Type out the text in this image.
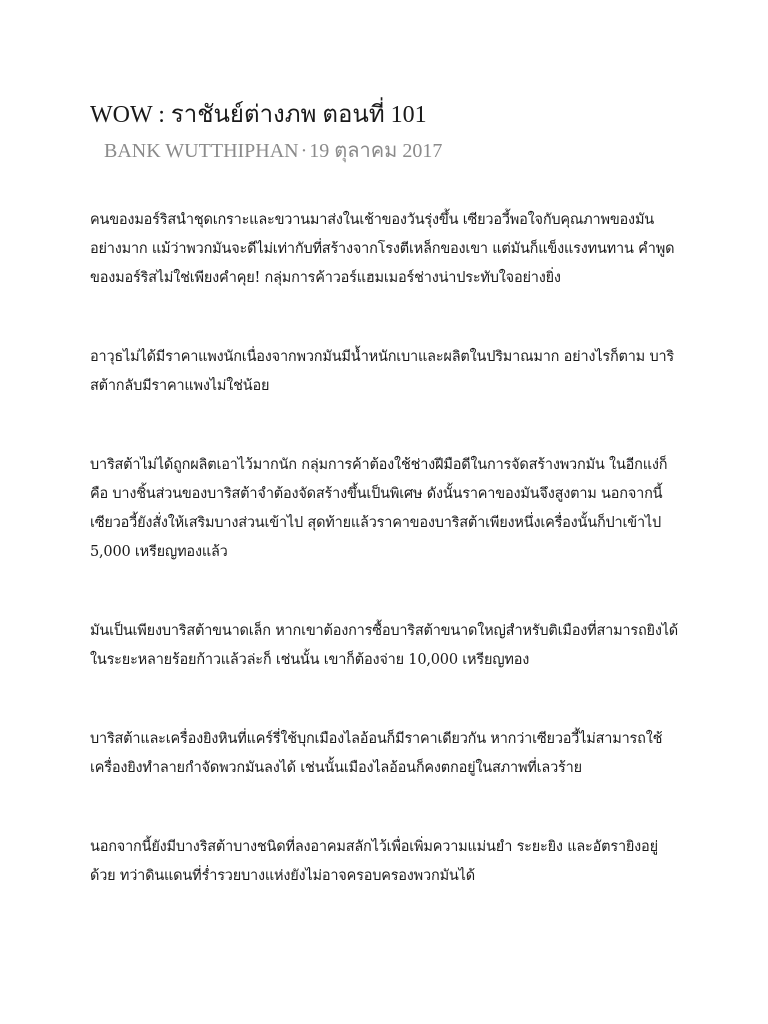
WOW : ราชันย์ต่างภพ ตอนที่ 101

BANK WUTTHIPHAN · 19 ตุลาคม 2017

คนของมอร์ริสนำชุดเกราะและขวานมาส่งในเช้าของวันรุ่งขึ้น เซียวอวี้พอใจกับคุณภาพของมันอย่างมาก แม้ว่าพวกมันจะดีไม่เท่ากับที่สร้างจากโรงตีเหล็กของเขา แต่มันก็แข็งแรงทนทาน คำพูดของมอร์ริสไม่ใช่เพียงคำคุย! กลุ่มการค้าวอร์แฮมเมอร์ช่างน่าประทับใจอย่างยิ่ง

อาวุธไม่ได้มีราคาแพงนักเนื่องจากพวกมันมีน้ำหนักเบาและผลิตในปริมาณมาก อย่างไรก็ตาม บาริสต้ากลับมีราคาแพงไม่ใช่น้อย

บาริสต้าไม่ได้ถูกผลิตเอาไว้มากนัก กลุ่มการค้าต้องใช้ช่างฝีมือดีในการจัดสร้างพวกมัน ในอีกแง่ก็คือ บางชิ้นส่วนของบาริสต้าจำต้องจัดสร้างขึ้นเป็นพิเศษ ดังนั้นราคาของมันจึงสูงตาม นอกจากนี้เซียวอวี้ยังสั่งให้เสริมบางส่วนเข้าไป สุดท้ายแล้วราคาของบาริสต้าเพียงหนึ่งเครื่องนั้นก็ปาเข้าไป 5,000 เหรียญทองแล้ว

มันเป็นเพียงบาริสต้าขนาดเล็ก หากเขาต้องการซื้อบาริสต้าขนาดใหญ่สำหรับติเมืองที่สามารถยิงได้ในระยะหลายร้อยก้าวแล้วล่ะก็ เช่นนั้น เขาก็ต้องจ่าย 10,000 เหรียญทอง

บาริสต้าและเครื่องยิงหินที่แคร์รี่ใช้บุกเมืองไลอ้อนก็มีราคาเดียวกัน หากว่าเซียวอวี้ไม่สามารถใช้เครื่องยิงทำลายกำจัดพวกมันลงได้ เช่นนั้นเมืองไลอ้อนก็คงตกอยู่ในสภาพที่เลวร้าย

นอกจากนี้ยังมีบางริสต้าบางชนิดที่ลงอาคมสลักไว้เพื่อเพิ่มความแม่นยำ ระยะยิง และอัตรายิงอยู่ด้วย ทว่าดินแดนที่ร่ำรวยบางแห่งยังไม่อาจครอบครองพวกมันได้
